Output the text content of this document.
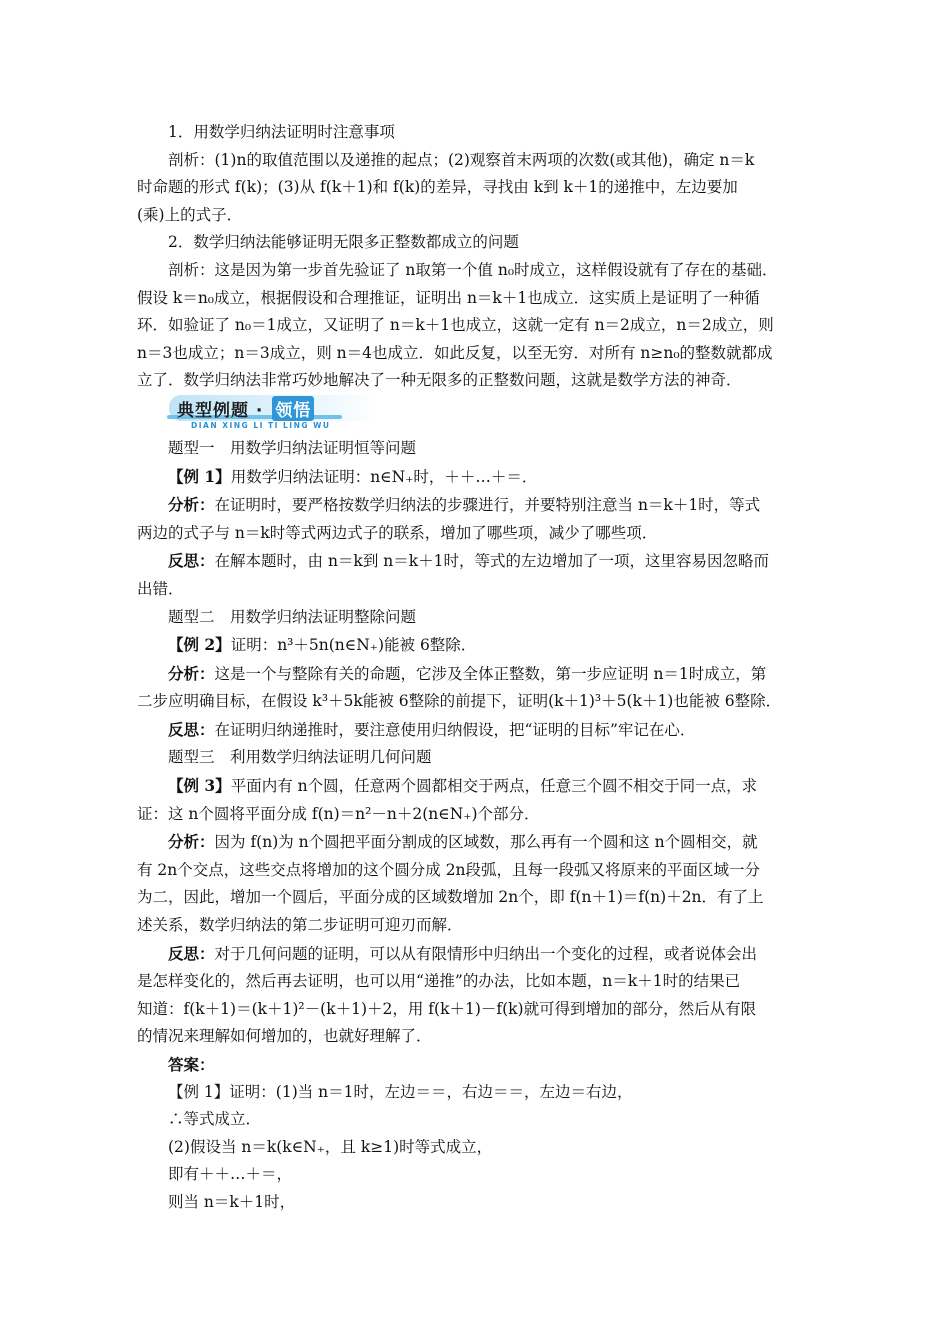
1．用数学归纳法证明时注意事项

剖析：(1)n的取值范围以及递推的起点；(2)观察首末两项的次数(或其他)，确定 n＝k

时命题的形式 f(k)；(3)从 f(k＋1)和 f(k)的差异，寻找由 k到 k＋1的递推中，左边要加

(乘)上的式子．

2．数学归纳法能够证明无限多正整数都成立的问题

剖析：这是因为第一步首先验证了 n取第一个值 n₀时成立，这样假设就有了存在的基础．

假设 k＝n₀成立，根据假设和合理推证，证明出 n＝k＋1也成立．这实质上是证明了一种循

环．如验证了 n₀＝1成立，又证明了 n＝k＋1也成立，这就一定有 n＝2成立，n＝2成立，则

n＝3也成立；n＝3成立，则 n＝4也成立．如此反复，以至无穷．对所有 n≥n₀的整数就都成

立了．数学归纳法非常巧妙地解决了一种无限多的正整数问题，这就是数学方法的神奇．

典型例题 · 领悟
DIAN XING LI TI LING WU

题型一　用数学归纳法证明恒等问题

【例 1】用数学归纳法证明：n∈N₊时，＋＋…＋＝．

分析：在证明时，要严格按数学归纳法的步骤进行，并要特别注意当 n＝k＋1时，等式

两边的式子与 n＝k时等式两边式子的联系，增加了哪些项，减少了哪些项．

反思：在解本题时，由 n＝k到 n＝k＋1时，等式的左边增加了一项，这里容易因忽略而

出错．

题型二　用数学归纳法证明整除问题

【例 2】证明：n³＋5n(n∈N₊)能被 6整除．

分析：这是一个与整除有关的命题，它涉及全体正整数，第一步应证明 n＝1时成立，第

二步应明确目标，在假设 k³＋5k能被 6整除的前提下，证明(k＋1)³＋5(k＋1)也能被 6整除．

反思：在证明归纳递推时，要注意使用归纳假设，把“证明的目标”牢记在心．

题型三　利用数学归纳法证明几何问题

【例 3】平面内有 n个圆，任意两个圆都相交于两点，任意三个圆不相交于同一点，求

证：这 n个圆将平面分成 f(n)＝n²－n＋2(n∈N₊)个部分．

分析：因为 f(n)为 n个圆把平面分割成的区域数，那么再有一个圆和这 n个圆相交，就

有 2n个交点，这些交点将增加的这个圆分成 2n段弧，且每一段弧又将原来的平面区域一分

为二，因此，增加一个圆后，平面分成的区域数增加 2n个，即 f(n＋1)＝f(n)＋2n．有了上

述关系，数学归纳法的第二步证明可迎刃而解．

反思：对于几何问题的证明，可以从有限情形中归纳出一个变化的过程，或者说体会出

是怎样变化的，然后再去证明，也可以用“递推”的办法，比如本题，n＝k＋1时的结果已

知道：f(k＋1)＝(k＋1)²－(k＋1)＋2，用 f(k＋1)－f(k)就可得到增加的部分，然后从有限

的情况来理解如何增加的，也就好理解了．

答案：

【例 1】证明：(1)当 n＝1时，左边＝＝，右边＝＝，左边＝右边，

∴等式成立．

(2)假设当 n＝k(k∈N₊，且 k≥1)时等式成立，

即有＋＋…＋＝，

则当 n＝k＋1时，
